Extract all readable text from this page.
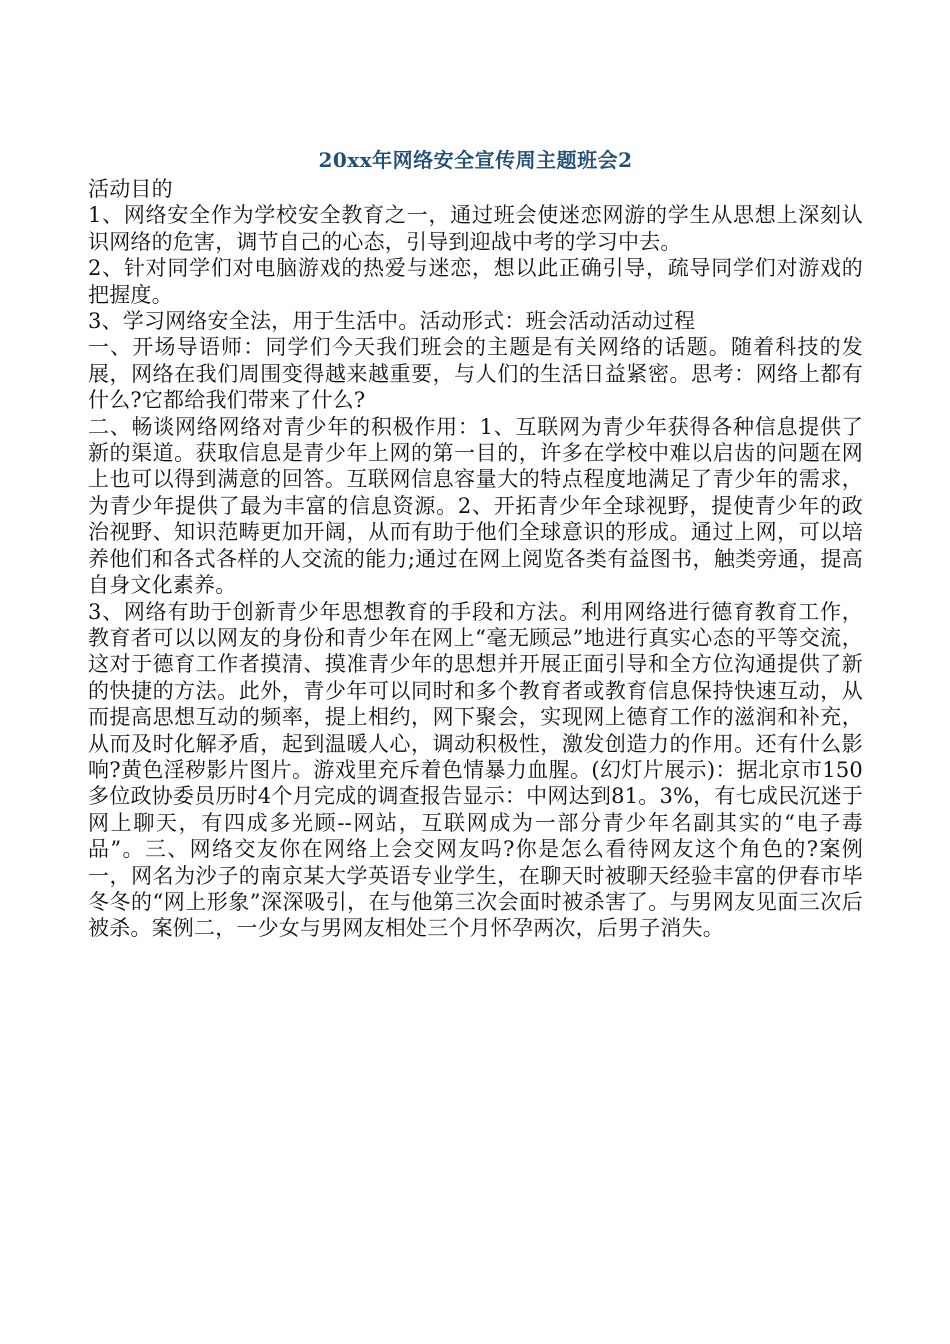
20xx年网络安全宣传周主题班会2

活动目的

1、网络安全作为学校安全教育之一，通过班会使迷恋网游的学生从思想上深刻认识网络的危害，调节自己的心态，引导到迎战中考的学习中去。

2、针对同学们对电脑游戏的热爱与迷恋，想以此正确引导，疏导同学们对游戏的把握度。

3、学习网络安全法，用于生活中。活动形式：班会活动活动过程

一、开场导语师：同学们今天我们班会的主题是有关网络的话题。随着科技的发展，网络在我们周围变得越来越重要，与人们的生活日益紧密。思考：网络上都有什么?它都给我们带来了什么?

二、畅谈网络网络对青少年的积极作用：1、互联网为青少年获得各种信息提供了新的渠道。获取信息是青少年上网的第一目的，许多在学校中难以启齿的问题在网上也可以得到满意的回答。互联网信息容量大的特点程度地满足了青少年的需求，为青少年提供了最为丰富的信息资源。2、开拓青少年全球视野，提使青少年的政治视野、知识范畴更加开阔，从而有助于他们全球意识的形成。通过上网，可以培养他们和各式各样的人交流的能力;通过在网上阅览各类有益图书，触类旁通，提高自身文化素养。

3、网络有助于创新青少年思想教育的手段和方法。利用网络进行德育教育工作，教育者可以以网友的身份和青少年在网上“毫无顾忌”地进行真实心态的平等交流，这对于德育工作者摸清、摸准青少年的思想并开展正面引导和全方位沟通提供了新的快捷的方法。此外，青少年可以同时和多个教育者或教育信息保持快速互动，从而提高思想互动的频率，提上相约，网下聚会，实现网上德育工作的滋润和补充，从而及时化解矛盾，起到温暖人心，调动积极性，激发创造力的作用。还有什么影响?黄色淫秽影片图片。游戏里充斥着色情暴力血腥。(幻灯片展示)：据北京市150多位政协委员历时4个月完成的调查报告显示：中网达到81。3%，有七成民沉迷于网上聊天，有四成多光顾--网站，互联网成为一部分青少年名副其实的“电子毒品”。三、网络交友你在网络上会交网友吗?你是怎么看待网友这个角色的?案例一，网名为沙子的南京某大学英语专业学生，在聊天时被聊天经验丰富的伊春市毕冬冬的“网上形象”深深吸引，在与他第三次会面时被杀害了。与男网友见面三次后被杀。案例二，一少女与男网友相处三个月怀孕两次，后男子消失。
